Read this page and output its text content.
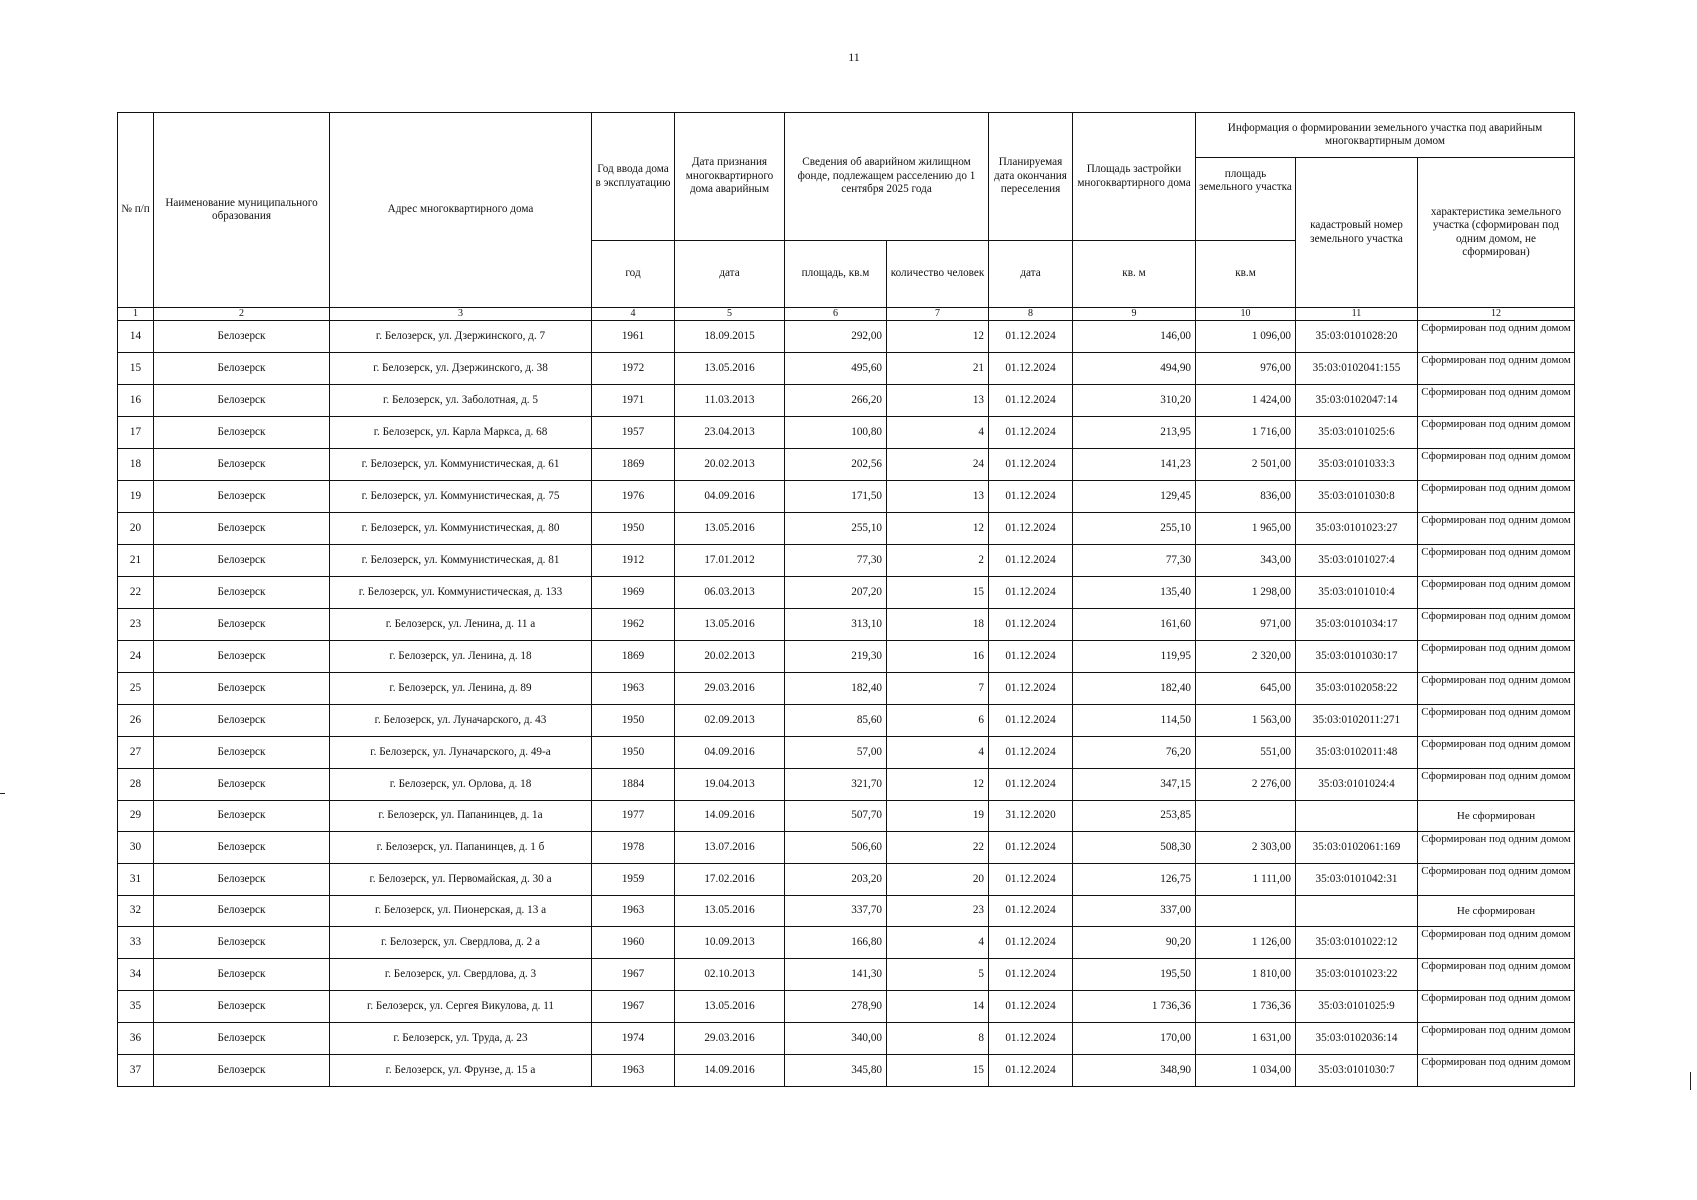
11
№ п/п	Наименование муниципального образования	Адрес многоквартирного дома	Год ввода дома в эксплуатацию	Дата признания многоквартирного дома аварийным	Сведения об аварийном жилищном фонде, подлежащем расселению до 1 сентября 2025 года		Планируемая дата окончания переселения	Площадь застройки многоквартирного дома	Информация о формировании земельного участка под аварийным многоквартирным домом		
									площадь земельного участка	кадастровый номер земельного участка	характеристика земельного участка (сформирован под одним домом, не сформирован)
			год	дата	площадь, кв.м	количество человек	дата	кв. м	кв.м		
1	2	3	4	5	6	7	8	9	10	11	12
14	Белозерск	г. Белозерск, ул. Дзержинского, д. 7	1961	18.09.2015	292,00	12	01.12.2024	146,00	1 096,00	35:03:0101028:20	Сформирован под одним домом
15	Белозерск	г. Белозерск, ул. Дзержинского, д. 38	1972	13.05.2016	495,60	21	01.12.2024	494,90	976,00	35:03:0102041:155	Сформирован под одним домом
16	Белозерск	г. Белозерск, ул. Заболотная, д. 5	1971	11.03.2013	266,20	13	01.12.2024	310,20	1 424,00	35:03:0102047:14	Сформирован под одним домом
17	Белозерск	г. Белозерск, ул. Карла Маркса, д. 68	1957	23.04.2013	100,80	4	01.12.2024	213,95	1 716,00	35:03:0101025:6	Сформирован под одним домом
18	Белозерск	г. Белозерск, ул. Коммунистическая, д. 61	1869	20.02.2013	202,56	24	01.12.2024	141,23	2 501,00	35:03:0101033:3	Сформирован под одним домом
19	Белозерск	г. Белозерск, ул. Коммунистическая, д. 75	1976	04.09.2016	171,50	13	01.12.2024	129,45	836,00	35:03:0101030:8	Сформирован под одним домом
20	Белозерск	г. Белозерск, ул. Коммунистическая, д. 80	1950	13.05.2016	255,10	12	01.12.2024	255,10	1 965,00	35:03:0101023:27	Сформирован под одним домом
21	Белозерск	г. Белозерск, ул. Коммунистическая, д. 81	1912	17.01.2012	77,30	2	01.12.2024	77,30	343,00	35:03:0101027:4	Сформирован под одним домом
22	Белозерск	г. Белозерск, ул. Коммунистическая, д. 133	1969	06.03.2013	207,20	15	01.12.2024	135,40	1 298,00	35:03:0101010:4	Сформирован под одним домом
23	Белозерск	г. Белозерск, ул. Ленина, д. 11 а	1962	13.05.2016	313,10	18	01.12.2024	161,60	971,00	35:03:0101034:17	Сформирован под одним домом
24	Белозерск	г. Белозерск, ул. Ленина, д. 18	1869	20.02.2013	219,30	16	01.12.2024	119,95	2 320,00	35:03:0101030:17	Сформирован под одним домом
25	Белозерск	г. Белозерск, ул. Ленина, д. 89	1963	29.03.2016	182,40	7	01.12.2024	182,40	645,00	35:03:0102058:22	Сформирован под одним домом
26	Белозерск	г. Белозерск, ул. Луначарского, д. 43	1950	02.09.2013	85,60	6	01.12.2024	114,50	1 563,00	35:03:0102011:271	Сформирован под одним домом
27	Белозерск	г. Белозерск, ул. Луначарского, д. 49-а	1950	04.09.2016	57,00	4	01.12.2024	76,20	551,00	35:03:0102011:48	Сформирован под одним домом
28	Белозерск	г. Белозерск, ул. Орлова, д. 18	1884	19.04.2013	321,70	12	01.12.2024	347,15	2 276,00	35:03:0101024:4	Сформирован под одним домом
29	Белозерск	г. Белозерск, ул. Папанинцев, д. 1а	1977	14.09.2016	507,70	19	31.12.2020	253,85			Не сформирован
30	Белозерск	г. Белозерск, ул. Папанинцев, д. 1 б	1978	13.07.2016	506,60	22	01.12.2024	508,30	2 303,00	35:03:0102061:169	Сформирован под одним домом
31	Белозерск	г. Белозерск, ул. Первомайская, д. 30 а	1959	17.02.2016	203,20	20	01.12.2024	126,75	1 111,00	35:03:0101042:31	Сформирован под одним домом
32	Белозерск	г. Белозерск, ул. Пионерская, д. 13 а	1963	13.05.2016	337,70	23	01.12.2024	337,00			Не сформирован
33	Белозерск	г. Белозерск, ул. Свердлова, д. 2 а	1960	10.09.2013	166,80	4	01.12.2024	90,20	1 126,00	35:03:0101022:12	Сформирован под одним домом
34	Белозерск	г. Белозерск, ул. Свердлова, д. 3	1967	02.10.2013	141,30	5	01.12.2024	195,50	1 810,00	35:03:0101023:22	Сформирован под одним домом
35	Белозерск	г. Белозерск, ул. Сергея Викулова, д. 11	1967	13.05.2016	278,90	14	01.12.2024	1 736,36	1 736,36	35:03:0101025:9	Сформирован под одним домом
36	Белозерск	г. Белозерск, ул. Труда, д. 23	1974	29.03.2016	340,00	8	01.12.2024	170,00	1 631,00	35:03:0102036:14	Сформирован под одним домом
37	Белозерск	г. Белозерск, ул. Фрунзе, д. 15 а	1963	14.09.2016	345,80	15	01.12.2024	348,90	1 034,00	35:03:0101030:7	Сформирован под одним домом
